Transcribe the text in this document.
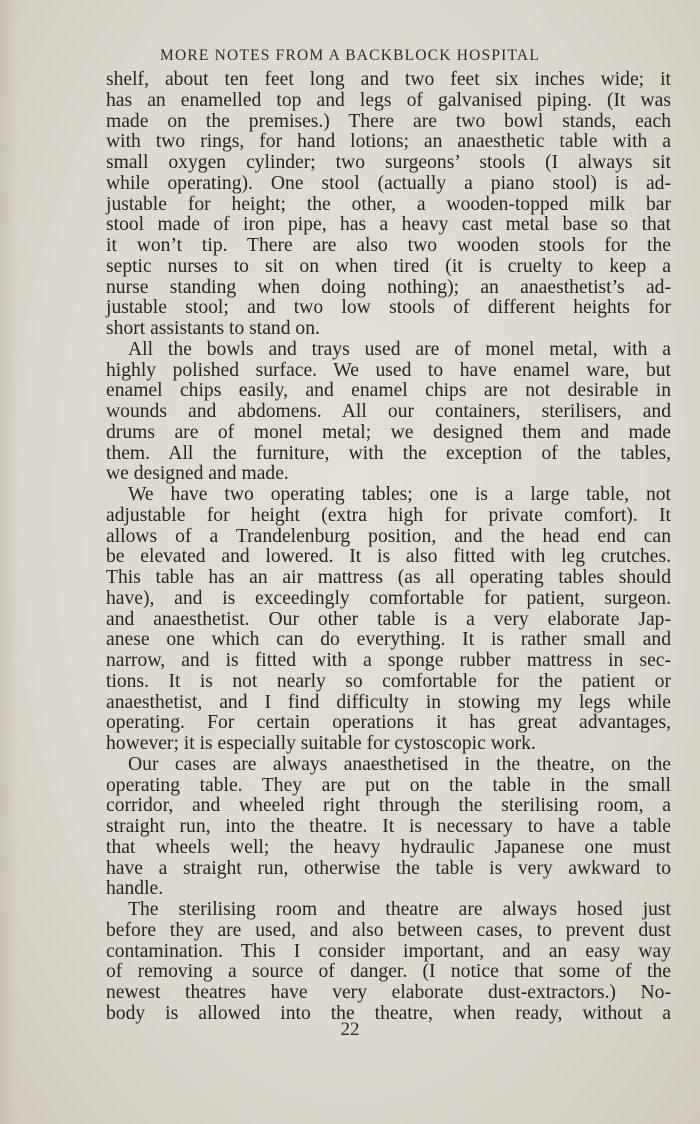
MORE NOTES FROM A BACKBLOCK HOSPITAL
shelf, about ten feet long and two feet six inches wide; it
has an enamelled top and legs of galvanised piping. (It was
made on the premises.) There are two bowl stands, each
with two rings, for hand lotions; an anaesthetic table with a
small oxygen cylinder; two surgeons’ stools (I always sit
while operating). One stool (actually a piano stool) is ad-
justable for height; the other, a wooden-topped milk bar
stool made of iron pipe, has a heavy cast metal base so that
it won’t tip. There are also two wooden stools for the
septic nurses to sit on when tired (it is cruelty to keep a
nurse standing when doing nothing); an anaesthetist’s ad-
justable stool; and two low stools of different heights for
short assistants to stand on.
All the bowls and trays used are of monel metal, with a
highly polished surface. We used to have enamel ware, but
enamel chips easily, and enamel chips are not desirable in
wounds and abdomens. All our containers, sterilisers, and
drums are of monel metal; we designed them and made
them. All the furniture, with the exception of the tables,
we designed and made.
We have two operating tables; one is a large table, not
adjustable for height (extra high for private comfort). It
allows of a Trandelenburg position, and the head end can
be elevated and lowered. It is also fitted with leg crutches.
This table has an air mattress (as all operating tables should
have), and is exceedingly comfortable for patient, surgeon.
and anaesthetist. Our other table is a very elaborate Jap-
anese one which can do everything. It is rather small and
narrow, and is fitted with a sponge rubber mattress in sec-
tions. It is not nearly so comfortable for the patient or
anaesthetist, and I find difficulty in stowing my legs while
operating. For certain operations it has great advantages,
however; it is especially suitable for cystoscopic work.
Our cases are always anaesthetised in the theatre, on the
operating table. They are put on the table in the small
corridor, and wheeled right through the sterilising room, a
straight run, into the theatre. It is necessary to have a table
that wheels well; the heavy hydraulic Japanese one must
have a straight run, otherwise the table is very awkward to
handle.
The sterilising room and theatre are always hosed just
before they are used, and also between cases, to prevent dust
contamination. This I consider important, and an easy way
of removing a source of danger. (I notice that some of the
newest theatres have very elaborate dust-extractors.) No-
body is allowed into the theatre, when ready, without a
22
